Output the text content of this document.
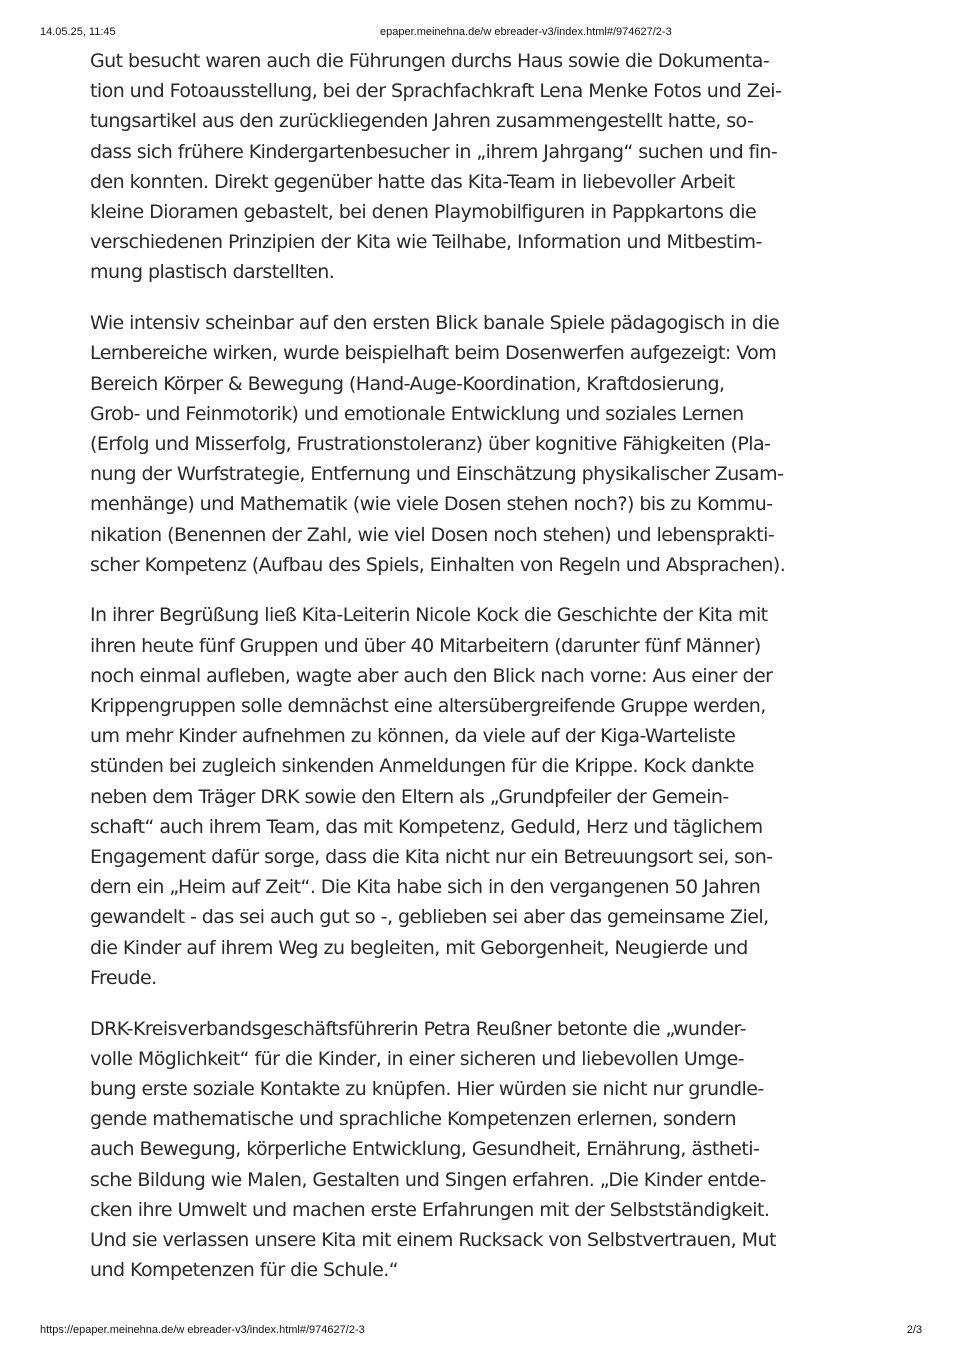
14.05.25, 11:45	epaper.meinehna.de/w ebreader-v3/index.html#/974627/2-3

Gut besucht waren auch die Führungen durchs Haus sowie die Dokumenta-
tion und Fotoausstellung, bei der Sprachfachkraft Lena Menke Fotos und Zei-
tungsartikel aus den zurückliegenden Jahren zusammengestellt hatte, so-
dass sich frühere Kindergartenbesucher in „ihrem Jahrgang“ suchen und fin-
den konnten. Direkt gegenüber hatte das Kita-Team in liebevoller Arbeit
kleine Dioramen gebastelt, bei denen Playmobilfiguren in Pappkartons die
verschiedenen Prinzipien der Kita wie Teilhabe, Information und Mitbestim-
mung plastisch darstellten.

Wie intensiv scheinbar auf den ersten Blick banale Spiele pädagogisch in die
Lernbereiche wirken, wurde beispielhaft beim Dosenwerfen aufgezeigt: Vom
Bereich Körper & Bewegung (Hand-Auge-Koordination, Kraftdosierung,
Grob- und Feinmotorik) und emotionale Entwicklung und soziales Lernen
(Erfolg und Misserfolg, Frustrationstoleranz) über kognitive Fähigkeiten (Pla-
nung der Wurfstrategie, Entfernung und Einschätzung physikalischer Zusam-
menhänge) und Mathematik (wie viele Dosen stehen noch?) bis zu Kommu-
nikation (Benennen der Zahl, wie viel Dosen noch stehen) und lebensprakti-
scher Kompetenz (Aufbau des Spiels, Einhalten von Regeln und Absprachen).

In ihrer Begrüßung ließ Kita-Leiterin Nicole Kock die Geschichte der Kita mit
ihren heute fünf Gruppen und über 40 Mitarbeitern (darunter fünf Männer)
noch einmal aufleben, wagte aber auch den Blick nach vorne: Aus einer der
Krippengruppen solle demnächst eine altersübergreifende Gruppe werden,
um mehr Kinder aufnehmen zu können, da viele auf der Kiga-Warteliste
stünden bei zugleich sinkenden Anmeldungen für die Krippe. Kock dankte
neben dem Träger DRK sowie den Eltern als „Grundpfeiler der Gemein-
schaft“ auch ihrem Team, das mit Kompetenz, Geduld, Herz und täglichem
Engagement dafür sorge, dass die Kita nicht nur ein Betreuungsort sei, son-
dern ein „Heim auf Zeit“. Die Kita habe sich in den vergangenen 50 Jahren
gewandelt - das sei auch gut so -, geblieben sei aber das gemeinsame Ziel,
die Kinder auf ihrem Weg zu begleiten, mit Geborgenheit, Neugierde und
Freude.

DRK-Kreisverbandsgeschäftsführerin Petra Reußner betonte die „wunder-
volle Möglichkeit“ für die Kinder, in einer sicheren und liebevollen Umge-
bung erste soziale Kontakte zu knüpfen. Hier würden sie nicht nur grundle-
gende mathematische und sprachliche Kompetenzen erlernen, sondern
auch Bewegung, körperliche Entwicklung, Gesundheit, Ernährung, ästheti-
sche Bildung wie Malen, Gestalten und Singen erfahren. „Die Kinder entde-
cken ihre Umwelt und machen erste Erfahrungen mit der Selbstständigkeit.
Und sie verlassen unsere Kita mit einem Rucksack von Selbstvertrauen, Mut
und Kompetenzen für die Schule.“

https://epaper.meinehna.de/w ebreader-v3/index.html#/974627/2-3	2/3
